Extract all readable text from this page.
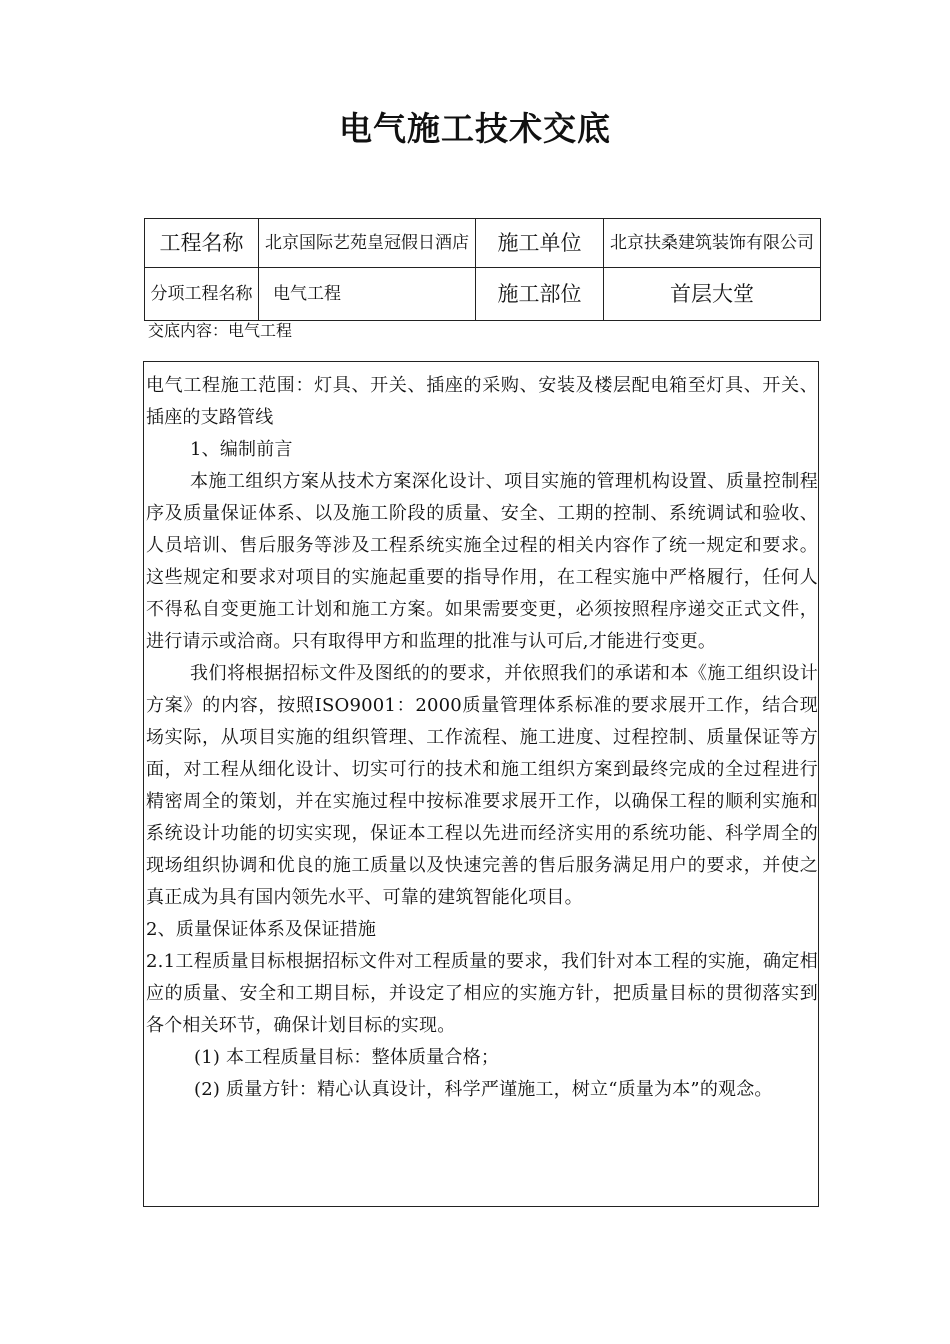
电气施工技术交底
工程名称	北京国际艺苑皇冠假日酒店	施工单位	北京扶桑建筑装饰有限公司
分项工程名称	电气工程	施工部位	首层大堂
交底内容：电气工程

电气工程施工范围：灯具、开关、插座的采购、安装及楼层配电箱至灯具、开关、插座的支路管线

1、编制前言

本施工组织方案从技术方案深化设计、项目实施的管理机构设置、质量控制程序及质量保证体系、以及施工阶段的质量、安全、工期的控制、系统调试和验收、人员培训、售后服务等涉及工程系统实施全过程的相关内容作了统一规定和要求。这些规定和要求对项目的实施起重要的指导作用，在工程实施中严格履行，任何人不得私自变更施工计划和施工方案。如果需要变更，必须按照程序递交正式文件，进行请示或洽商。只有取得甲方和监理的批准与认可后,才能进行变更。

我们将根据招标文件及图纸的的要求，并依照我们的承诺和本《施工组织设计方案》的内容，按照ISO9001：2000质量管理体系标准的要求展开工作，结合现场实际，从项目实施的组织管理、工作流程、施工进度、过程控制、质量保证等方面，对工程从细化设计、切实可行的技术和施工组织方案到最终完成的全过程进行精密周全的策划，并在实施过程中按标准要求展开工作，以确保工程的顺利实施和系统设计功能的切实实现，保证本工程以先进而经济实用的系统功能、科学周全的现场组织协调和优良的施工质量以及快速完善的售后服务满足用户的要求，并使之真正成为具有国内领先水平、可靠的建筑智能化项目。

2、质量保证体系及保证措施

2.1工程质量目标根据招标文件对工程质量的要求，我们针对本工程的实施，确定相应的质量、安全和工期目标，并设定了相应的实施方针，把质量目标的贯彻落实到各个相关环节，确保计划目标的实现。

(1) 本工程质量目标：整体质量合格；

(2) 质量方针：精心认真设计，科学严谨施工，树立“质量为本”的观念。
